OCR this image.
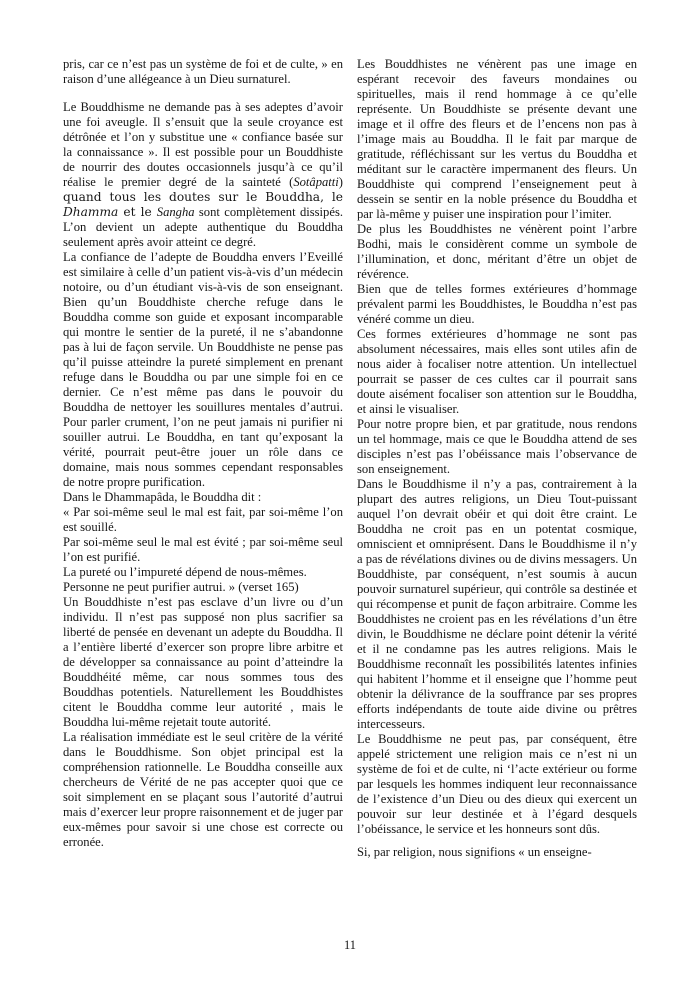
pris, car ce n’est pas un système de foi et de culte, » en raison d’une allégeance à un Dieu surnaturel.

Le Bouddhisme ne demande pas à ses adeptes d’avoir une foi aveugle. Il s’ensuit que la seule croyance est détrônée et l’on y substitue une « confiance basée sur la connaissance ». Il est possible pour un Bouddhiste de nourrir des doutes occasionnels jusqu’à ce qu’il réalise le premier degré de la sainteté (Sotâpatti) quand tous les doutes sur le Bouddha, le Dhamma et le Sangha sont complètement dissipés. L’on devient un adepte authentique du Bouddha seulement après avoir atteint ce degré.

La confiance de l’adepte de Bouddha envers l’Eveillé est similaire à celle d’un patient vis-à-vis d’un médecin notoire, ou d’un étudiant vis-à-vis de son enseignant. Bien qu’un Bouddhiste cherche refuge dans le Bouddha comme son guide et exposant incomparable qui montre le sentier de la pureté, il ne s’abandonne pas à lui de façon servile. Un Bouddhiste ne pense pas qu’il puisse atteindre la pureté simplement en prenant refuge dans le Bouddha ou par une simple foi en ce dernier. Ce n’est même pas dans le pouvoir du Bouddha de nettoyer les souillures mentales d’autrui. Pour parler crument, l’on ne peut jamais ni purifier ni souiller autrui. Le Bouddha, en tant qu’exposant la vérité, pourrait peut-être jouer un rôle dans ce domaine, mais nous sommes cependant responsables de notre propre purification.

Dans le Dhammapâda, le Bouddha dit :

« Par soi-même seul le mal est fait, par soi-même l’on est souillé.

Par soi-même seul le mal est évité ; par soi-même seul l’on est purifié.

La pureté ou l’impureté dépend de nous-mêmes.

Personne ne peut purifier autrui. » (verset 165)

Un Bouddhiste n’est pas esclave d’un livre ou d’un individu. Il n’est pas supposé non plus sacrifier sa liberté de pensée en devenant un adepte du Bouddha. Il a l’entière liberté d’exercer son propre libre arbitre et de développer sa connaissance au point d’atteindre la Bouddhéité même, car nous sommes tous des Bouddhas potentiels. Naturellement les Bouddhistes citent le Bouddha comme leur autorité , mais le Bouddha lui-même rejetait toute autorité.

La réalisation immédiate est le seul critère de la vérité dans le Bouddhisme. Son objet principal est la compréhension rationnelle. Le Bouddha conseille aux chercheurs de Vérité de ne pas accepter quoi que ce soit simplement en se plaçant sous l’autorité d’autrui mais d’exercer leur propre raisonnement et de juger par eux-mêmes pour savoir si une chose est correcte ou erronée.

Les Bouddhistes ne vénèrent pas une image en espérant recevoir des faveurs mondaines ou spirituelles, mais il rend hommage à ce qu’elle représente. Un Bouddhiste se présente devant une image et il offre des fleurs et de l’encens non pas à l’image mais au Bouddha. Il le fait par marque de gratitude, réfléchissant sur les vertus du Bouddha et méditant sur le caractère impermanent des fleurs. Un Bouddhiste qui comprend l’enseignement peut à dessein se sentir en la noble présence du Bouddha et par là-même y puiser une inspiration pour l’imiter.

De plus les Bouddhistes ne vénèrent point l’arbre Bodhi, mais le considèrent comme un symbole de l’illumination, et donc, méritant d’être un objet de révérence.

Bien que de telles formes extérieures d’hommage prévalent parmi les Bouddhistes, le Bouddha n’est pas vénéré comme un dieu.

Ces formes extérieures d’hommage ne sont pas absolument nécessaires, mais elles sont utiles afin de nous aider à focaliser notre attention. Un intellectuel pourrait se passer de ces cultes car il pourrait sans doute aisément focaliser son attention sur le Bouddha, et ainsi le visualiser.

Pour notre propre bien, et par gratitude, nous rendons un tel hommage, mais ce que le Bouddha attend de ses disciples n’est pas l’obéissance mais l’observance de son enseignement.

Dans le Bouddhisme il n’y a pas, contrairement à la plupart des autres religions, un Dieu Tout-puissant auquel l’on devrait obéir et qui doit être craint. Le Bouddha ne croit pas en un potentat cosmique, omniscient et omniprésent. Dans le Bouddhisme il n’y a pas de révélations divines ou de divins messagers. Un Bouddhiste, par conséquent, n’est soumis à aucun pouvoir surnaturel supérieur, qui contrôle sa destinée et qui récompense et punit de façon arbitraire. Comme les Bouddhistes ne croient pas en les révélations d’un être divin, le Bouddhisme ne déclare point détenir la vérité et il ne condamne pas les autres religions. Mais le Bouddhisme reconnaît les possibilités latentes infinies qui habitent l’homme et il enseigne que l’homme peut obtenir la délivrance de la souffrance par ses propres efforts indépendants de toute aide divine ou prêtres intercesseurs.

Le Bouddhisme ne peut pas, par conséquent, être appelé strictement une religion mais ce n’est ni un système de foi et de culte, ni ‘l’acte extérieur ou forme par lesquels les hommes indiquent leur reconnaissance de l’existence d’un Dieu ou des dieux qui exercent un pouvoir sur leur destinée et à l’égard desquels l’obéissance, le service et les honneurs sont dûs.

Si, par religion, nous signifions « un enseigne-

11
